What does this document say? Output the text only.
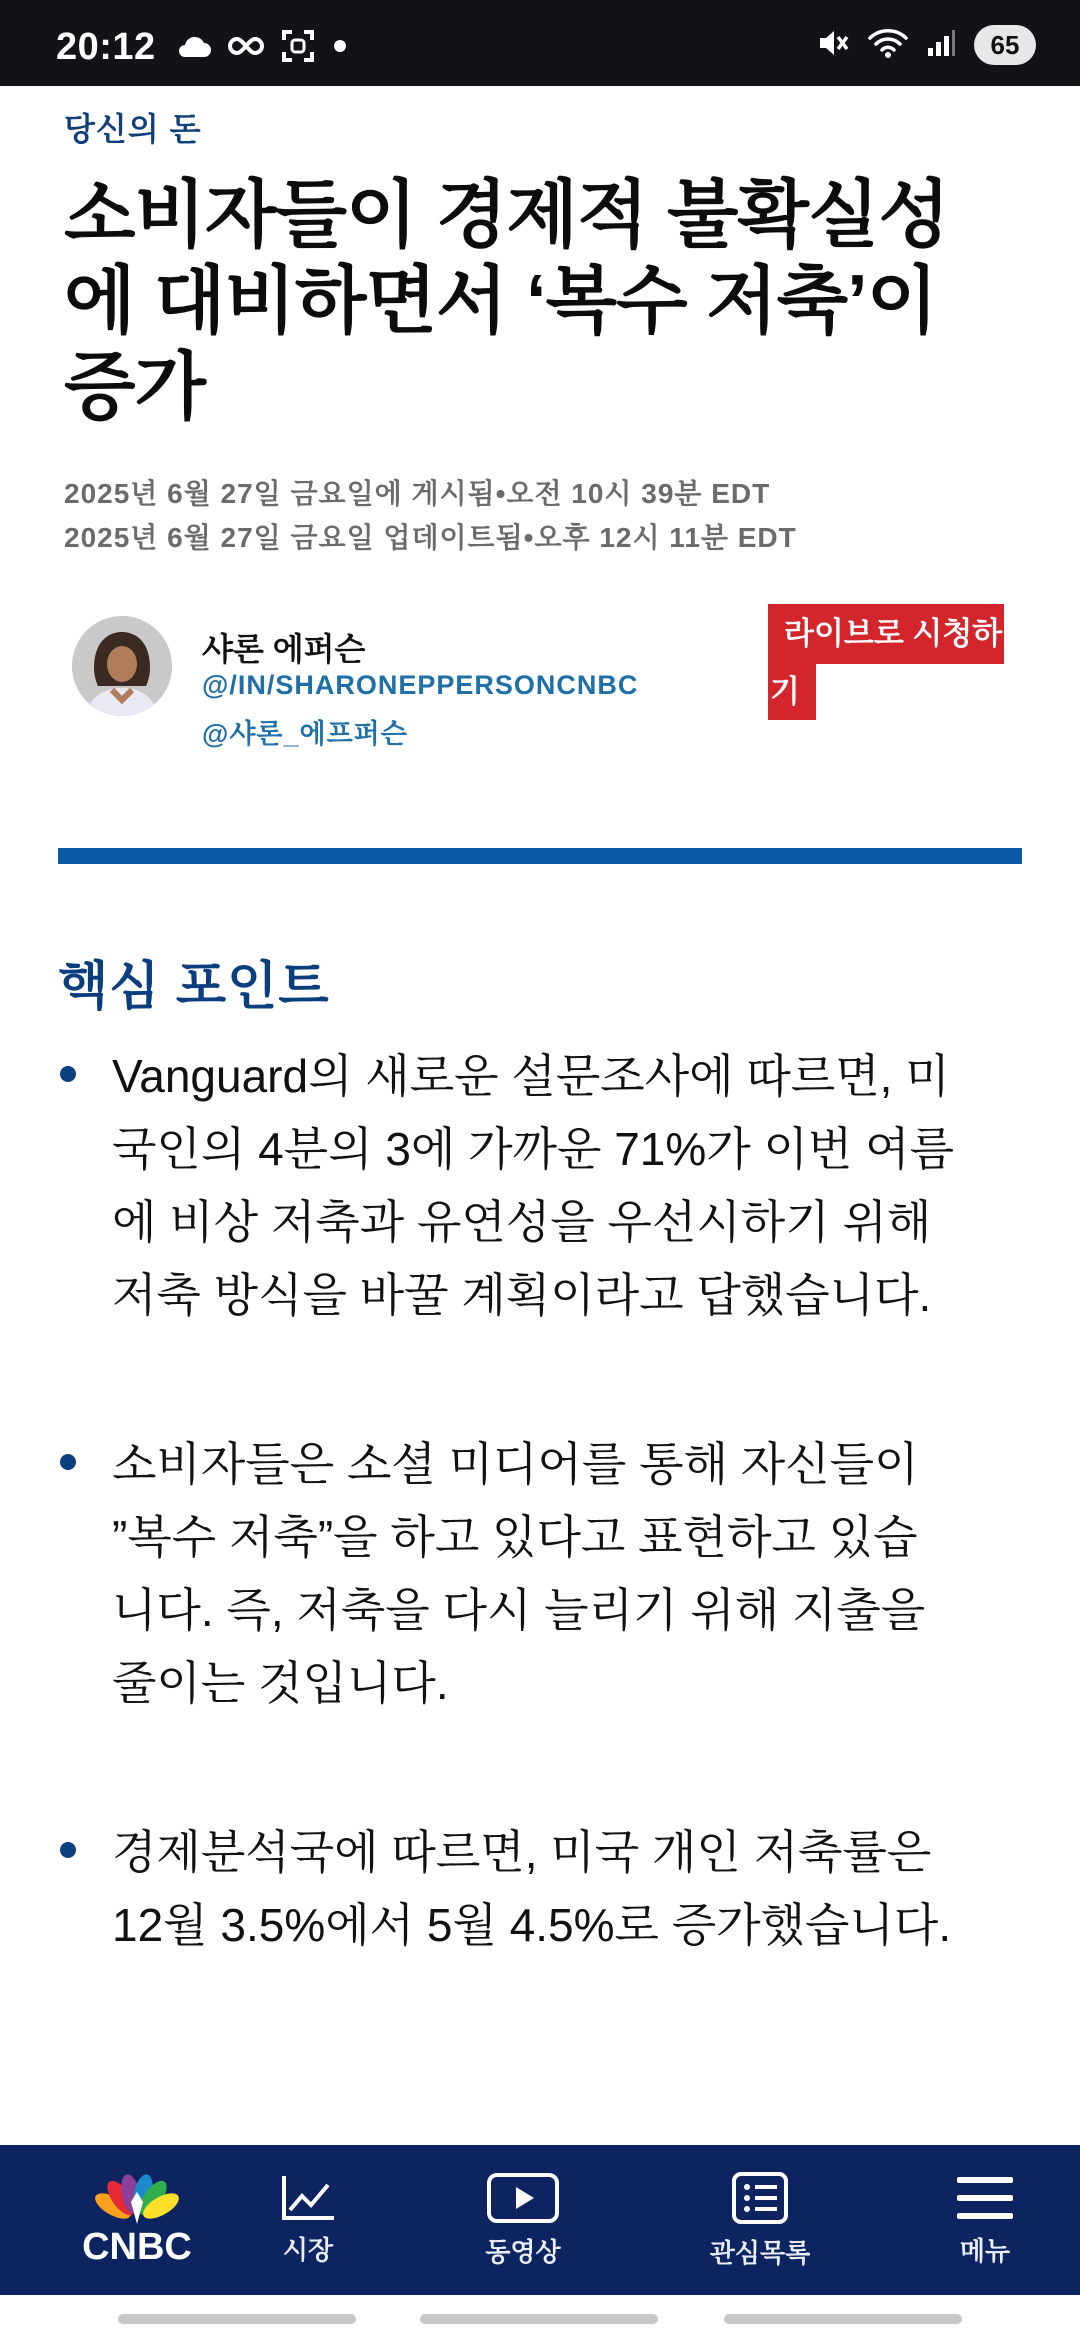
20:12	65
당신의 돈
소비자들이 경제적 불확실성에 대비하면서 ‘복수 저축’이 증가
2025년 6월 27일 금요일에 게시됨•오전 10시 39분 EDT
2025년 6월 27일 금요일 업데이트됨•오후 12시 11분 EDT
샤론 에퍼슨
@/IN/SHARONEPPERSONCNBC
@샤론_에프퍼슨
라이브로 시청하
기
핵심 포인트
Vanguard의 새로운 설문조사에 따르면, 미국인의 4분의 3에 가까운 71%가 이번 여름에 비상 저축과 유연성을 우선시하기 위해 저축 방식을 바꿀 계획이라고 답했습니다.
소비자들은 소셜 미디어를 통해 자신들이 ”복수 저축”을 하고 있다고 표현하고 있습니다. 즉, 저축을 다시 늘리기 위해 지출을 줄이는 것입니다.
경제분석국에 따르면, 미국 개인 저축률은 12월 3.5%에서 5월 4.5%로 증가했습니다.
CNBC	시장	동영상	관심목록	메뉴
